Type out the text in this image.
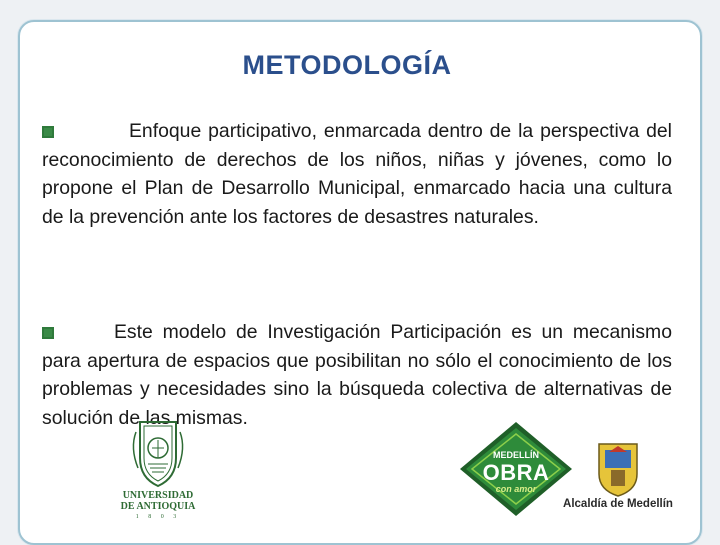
METODOLOGÍA

Enfoque participativo, enmarcada dentro de la perspectiva del reconocimiento de derechos de los niños, niñas y jóvenes, como lo propone el Plan de Desarrollo Municipal, enmarcado hacia una cultura de la prevención ante los factores de desastres naturales.

Este modelo de Investigación Participación es un mecanismo para apertura de espacios que posibilitan no sólo el conocimiento de los problemas y necesidades sino la búsqueda colectiva de alternativas de solución de las mismas.

UNIVERSIDAD
DE ANTIOQUIA
1 8 0 3
MEDELLÍN
OBRA
con amor
Alcaldía de Medellín
